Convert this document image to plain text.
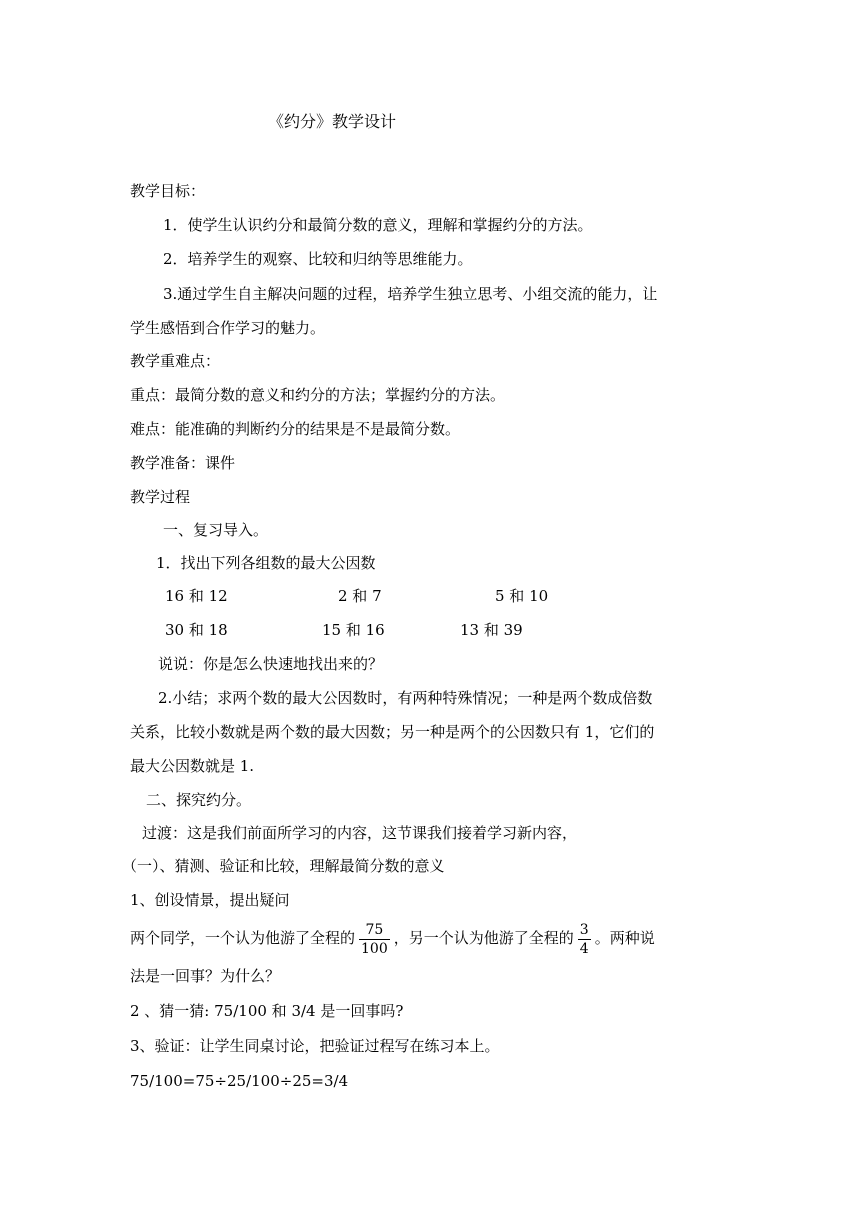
《约分》教学设计
教学目标：
1．使学生认识约分和最简分数的意义，理解和掌握约分的方法。
2．培养学生的观察、比较和归纳等思维能力。
3.通过学生自主解决问题的过程，培养学生独立思考、小组交流的能力，让
学生感悟到合作学习的魅力。
教学重难点：
重点：最简分数的意义和约分的方法；掌握约分的方法。
难点：能准确的判断约分的结果是不是最简分数。
教学准备：课件
教学过程
一、复习导入。
1．找出下列各组数的最大公因数
16 和 12	2 和 7	5 和 10
30 和 18	15 和 16	13 和 39
说说：你是怎么快速地找出来的？
2.小结；求两个数的最大公因数时，有两种特殊情况；一种是两个数成倍数
关系，比较小数就是两个数的最大因数；另一种是两个的公因数只有 1，它们的
最大公因数就是 1.
二、探究约分。
过渡：这是我们前面所学习的内容，这节课我们接着学习新内容，
（一）、猜测、验证和比较，理解最简分数的意义
1、创设情景，提出疑问
两个同学，一个认为他游了全程的 $\frac{75}{100}$ ，另一个认为他游了全程的 $\frac{3}{4}$ 。两种说
法是一回事？为什么？
2 、猜一猜: 75/100 和 3/4 是一回事吗?
3、验证：让学生同桌讨论，把验证过程写在练习本上。
75/100=75÷25/100÷25=3/4
